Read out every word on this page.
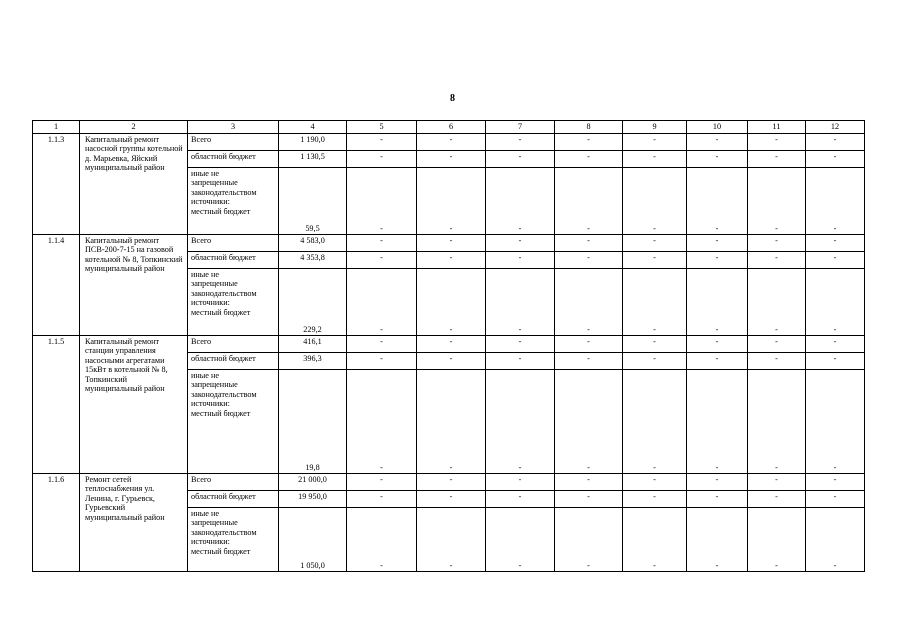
8
1	2	3	4	5	6	7	8	9	10	11	12
1.1.3	Капитальный ремонт насосной группы котельной д. Марьевка, Яйский муниципальный район	Всего	1 190,0	-	-	-	-	-	-	-	-
		областной бюджет	1 130,5	-	-	-	-	-	-	-	-

		иные не
запрещенные
законодательством
источники:
местный бюджет	59,5	-	-	-	-	-	-	-	-
1.1.4	Капитальный ремонт ПСВ-200-7-15 на газовой котельной № 8, Топкинский муниципальный район	Всего	4 583,0	-	-	-	-	-	-	-	-
		областной бюджет	4 353,8	-	-	-	-	-	-	-	-

		иные не
запрещенные
законодательством
источники:
местный бюджет	229,2	-	-	-	-	-	-	-	-
1.1.5	Капитальный ремонт станции управления насосными агрегатами 15кВт в котельной № 8, Топкинский муниципальный район	Всего	416,1	-	-	-	-	-	-	-	-
		областной бюджет	396,3	-	-	-	-	-	-	-	-

		иные не
запрещенные
законодательством
источники:
местный бюджет	19,8	-	-	-	-	-	-	-	-
1.1.6	Ремонт сетей теплоснабжения ул. Ленина, г. Гурьевск, Гурьевский муниципальный район	Всего	21 000,0	-	-	-	-	-	-	-	-
		областной бюджет	19 950,0	-	-	-	-	-	-	-	-

		иные не
запрещенные
законодательством
источники:
местный бюджет	1 050,0	-	-	-	-	-	-	-	-
